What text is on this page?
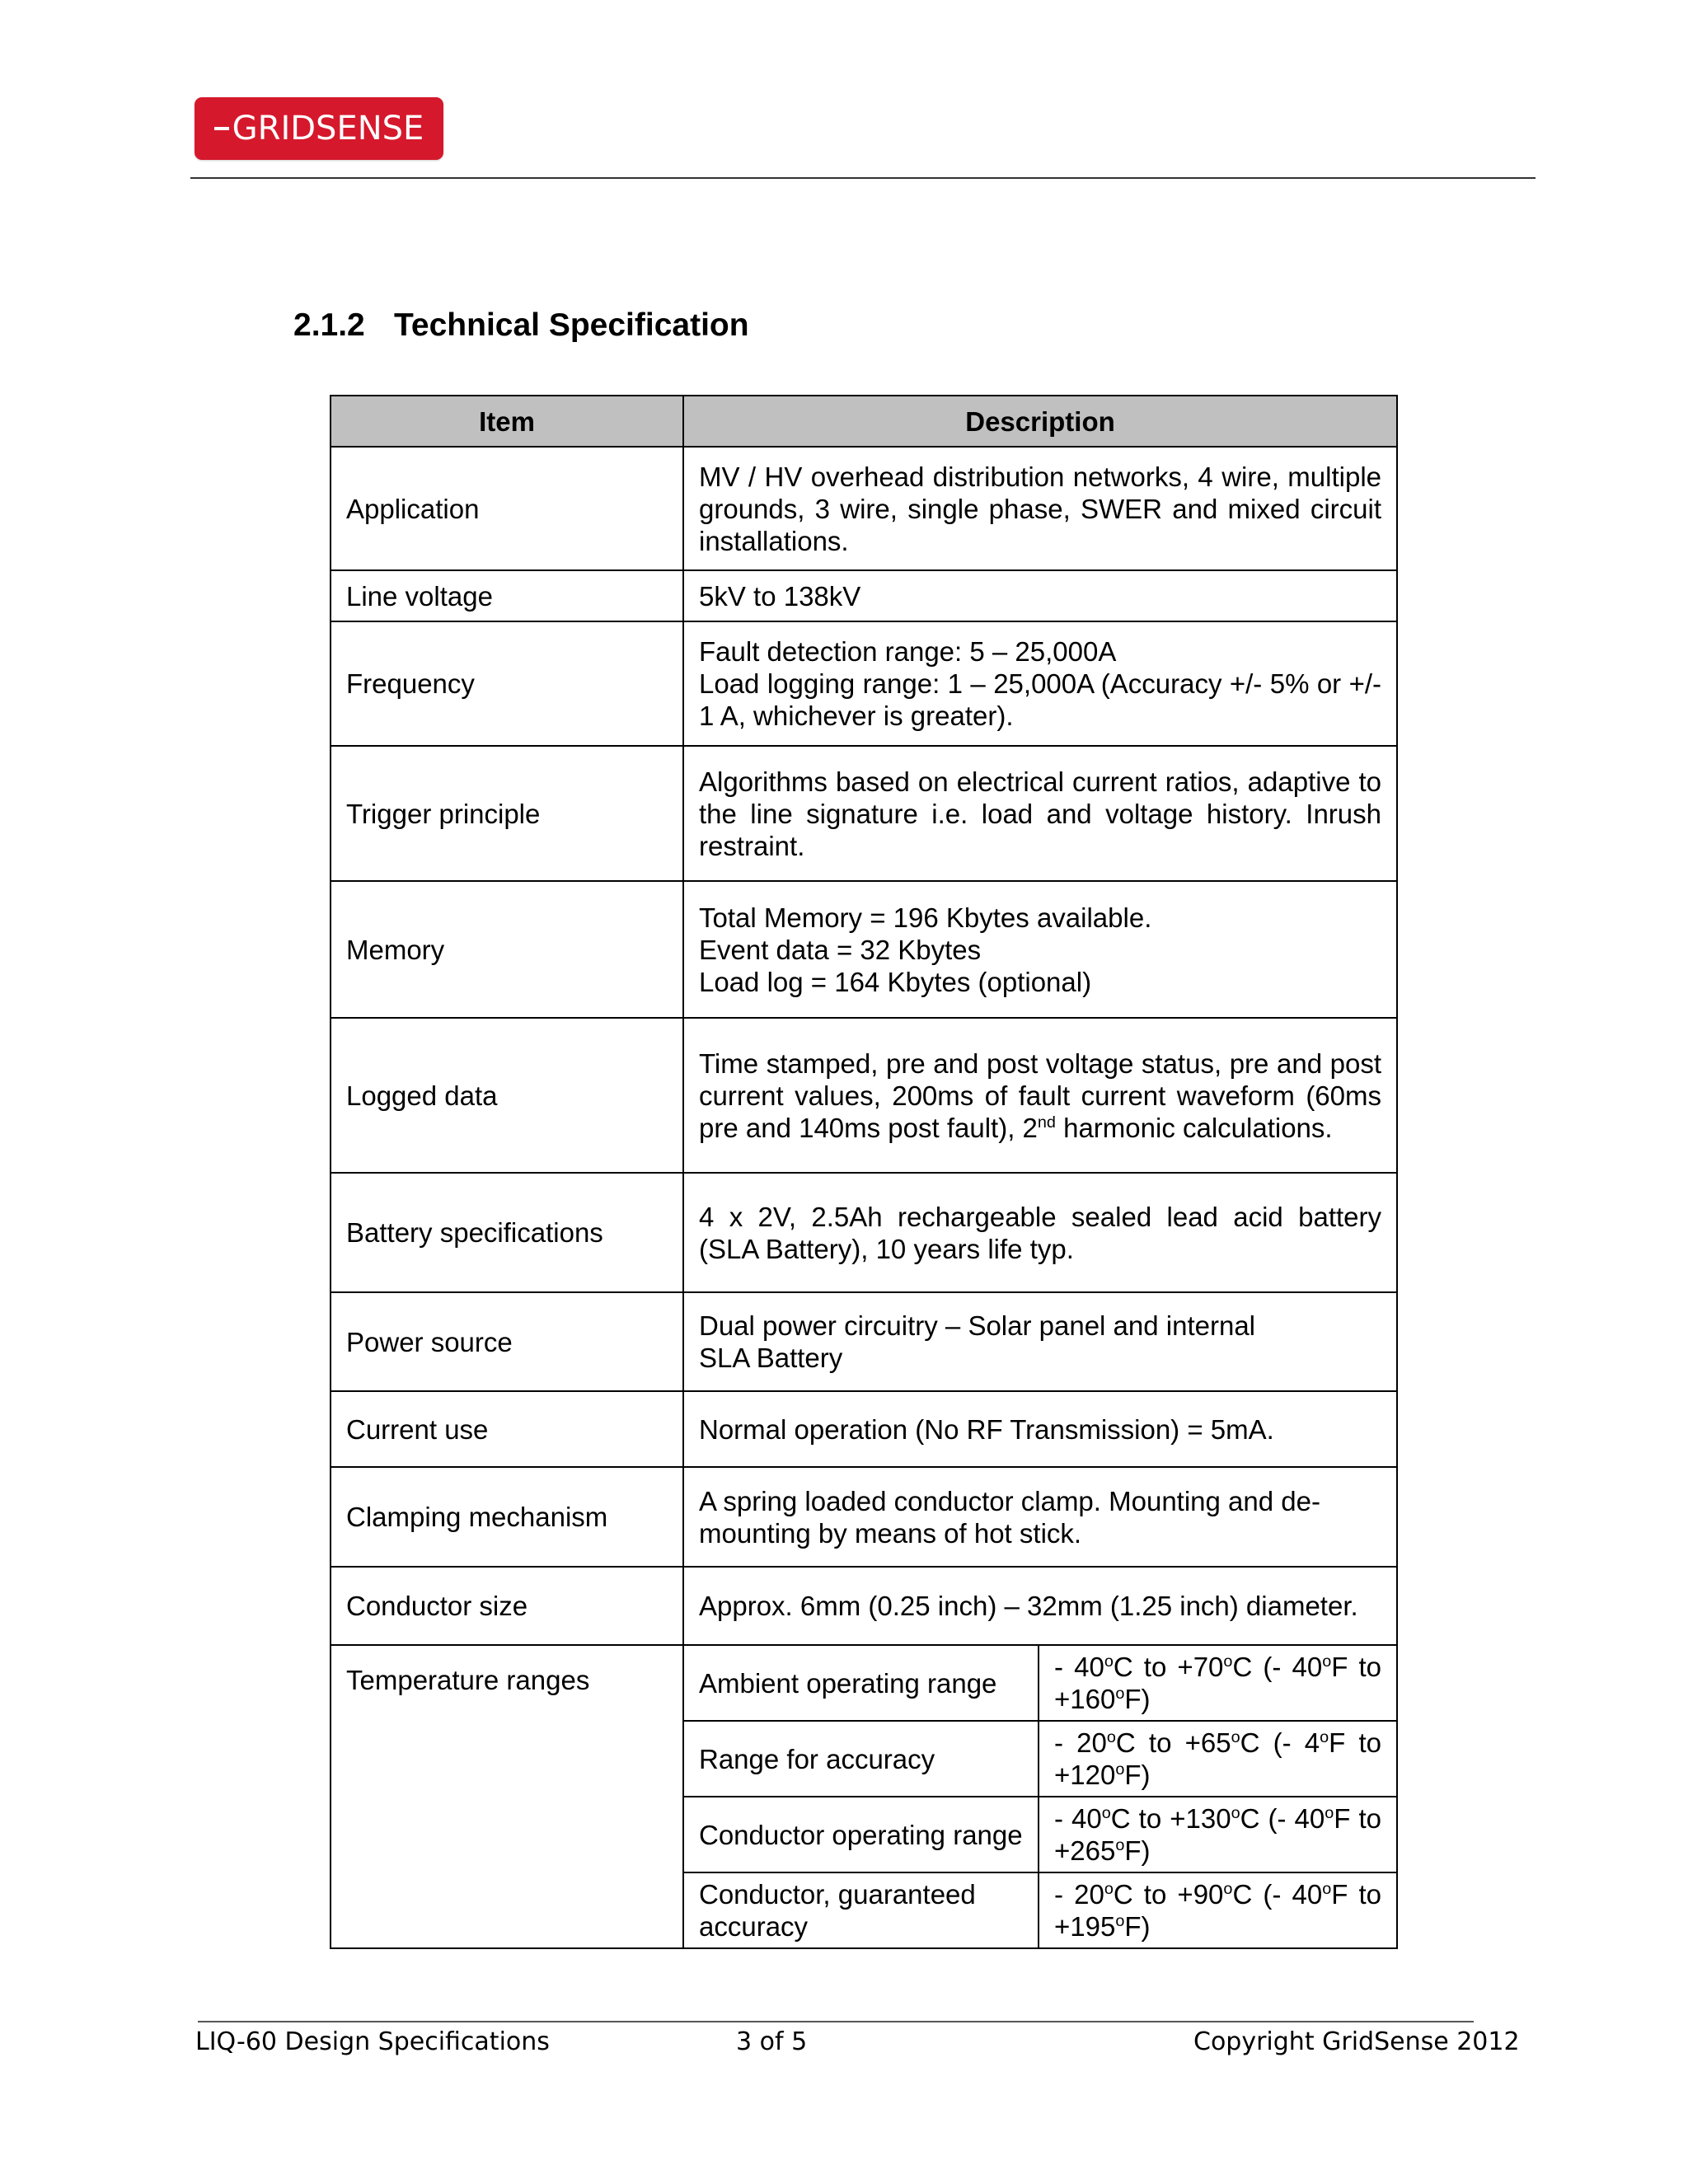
GRIDSENSE
2.1.2 Technical Specification
Item	Description	
Application	MV / HV overhead distribution networks, 4 wire, multiple grounds, 3 wire, single phase, SWER and mixed circuit installations.	
Line voltage	5kV to 138kV	
Frequency	Fault detection range: 5 – 25,000A
Load logging range: 1 – 25,000A (Accuracy +/- 5% or +/- 1 A, whichever is greater).	

Trigger principle	Algorithms based on electrical current ratios, adaptive to the line signature i.e. load and voltage history. Inrush restraint.	
Memory	Total Memory = 196 Kbytes available.
Event data = 32 Kbytes
Load log = 164 Kbytes (optional)	

Logged data	Time stamped, pre and post voltage status, pre and post current values, 200ms of fault current waveform (60ms pre and 140ms post fault), 2nd harmonic calculations.	
Battery specifications	4 x 2V, 2.5Ah rechargeable sealed lead acid battery (SLA Battery), 10 years life typ.	
Power source	Dual power circuitry – Solar panel and internal
SLA Battery	

Current use	Normal operation (No RF Transmission) = 5mA.	
Clamping mechanism	A spring loaded conductor clamp. Mounting and de-
mounting by means of hot stick.	

Conductor size	Approx. 6mm (0.25 inch) – 32mm (1.25 inch) diameter.	
Temperature ranges	Ambient operating range	- 40$^o$C to $+70^oC$ (- 40$^o$F to $+160^oF$)
	Range for accuracy	- 20$^o$C to $+65^oC$ (- 4$^o$F to $+120^oF$)
	Conductor operating range	- 40$^o$C to $+130^oC$ (- 40$^o$F to $+265^oF$)
	Conductor, guaranteed accuracy	- 20$^o$C to $+90^oC$ (- 40$^o$F to $+195^oF$)
LIQ-60 Design Specifications	3 of 5	Copyright GridSense 2012
